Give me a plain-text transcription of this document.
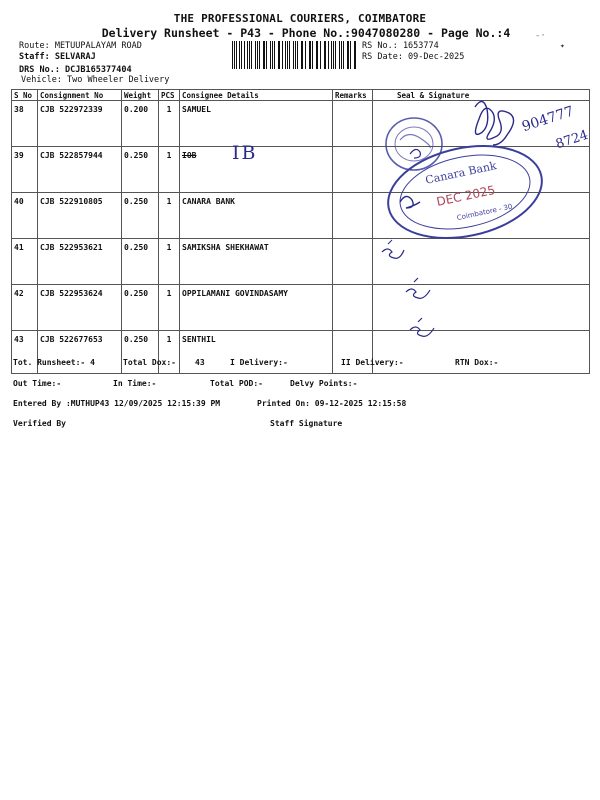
THE PROFESSIONAL COURIERS, COIMBATORE
Delivery Runsheet - P43 - Phone No.:9047080280 - Page No.:4
Route: METUUPALAYAM ROAD
Staff: SELVARAJ
DRS No.: DCJB165377404
Vehicle: Two Wheeler Delivery
RS No.: 1653774
RS Date: 09-Dec-2025
-·
✦
S No	Consignment No	Weight	PCS	Consignee Details	Remarks	Seal & Signature
38	CJB 522972339	0.200	1	SAMUEL		
39	CJB 522857944	0.250	1	IOB		
40	CJB 522910805	0.250	1	CANARA BANK		
41	CJB 522953621	0.250	1	SAMIKSHA SHEKHAWAT		
42	CJB 522953624	0.250	1	OPPILAMANI GOVINDASAMY		
43	CJB 522677653	0.250	1	SENTHIL		
IB
904777
8724
Canara Bank
DEC 2025
Coimbatore - 30
Tot. Runsheet:- 4	Total Dox:- 43	I Delivery:-	II Delivery:-	RTN Dox:-
Out Time:-	In Time:-	Total POD:-	Delvy Points:-
Entered By :MUTHUP43 12/09/2025 12:15:39 PM	Printed On: 09-12-2025 12:15:58
Verified By	Staff Signature
